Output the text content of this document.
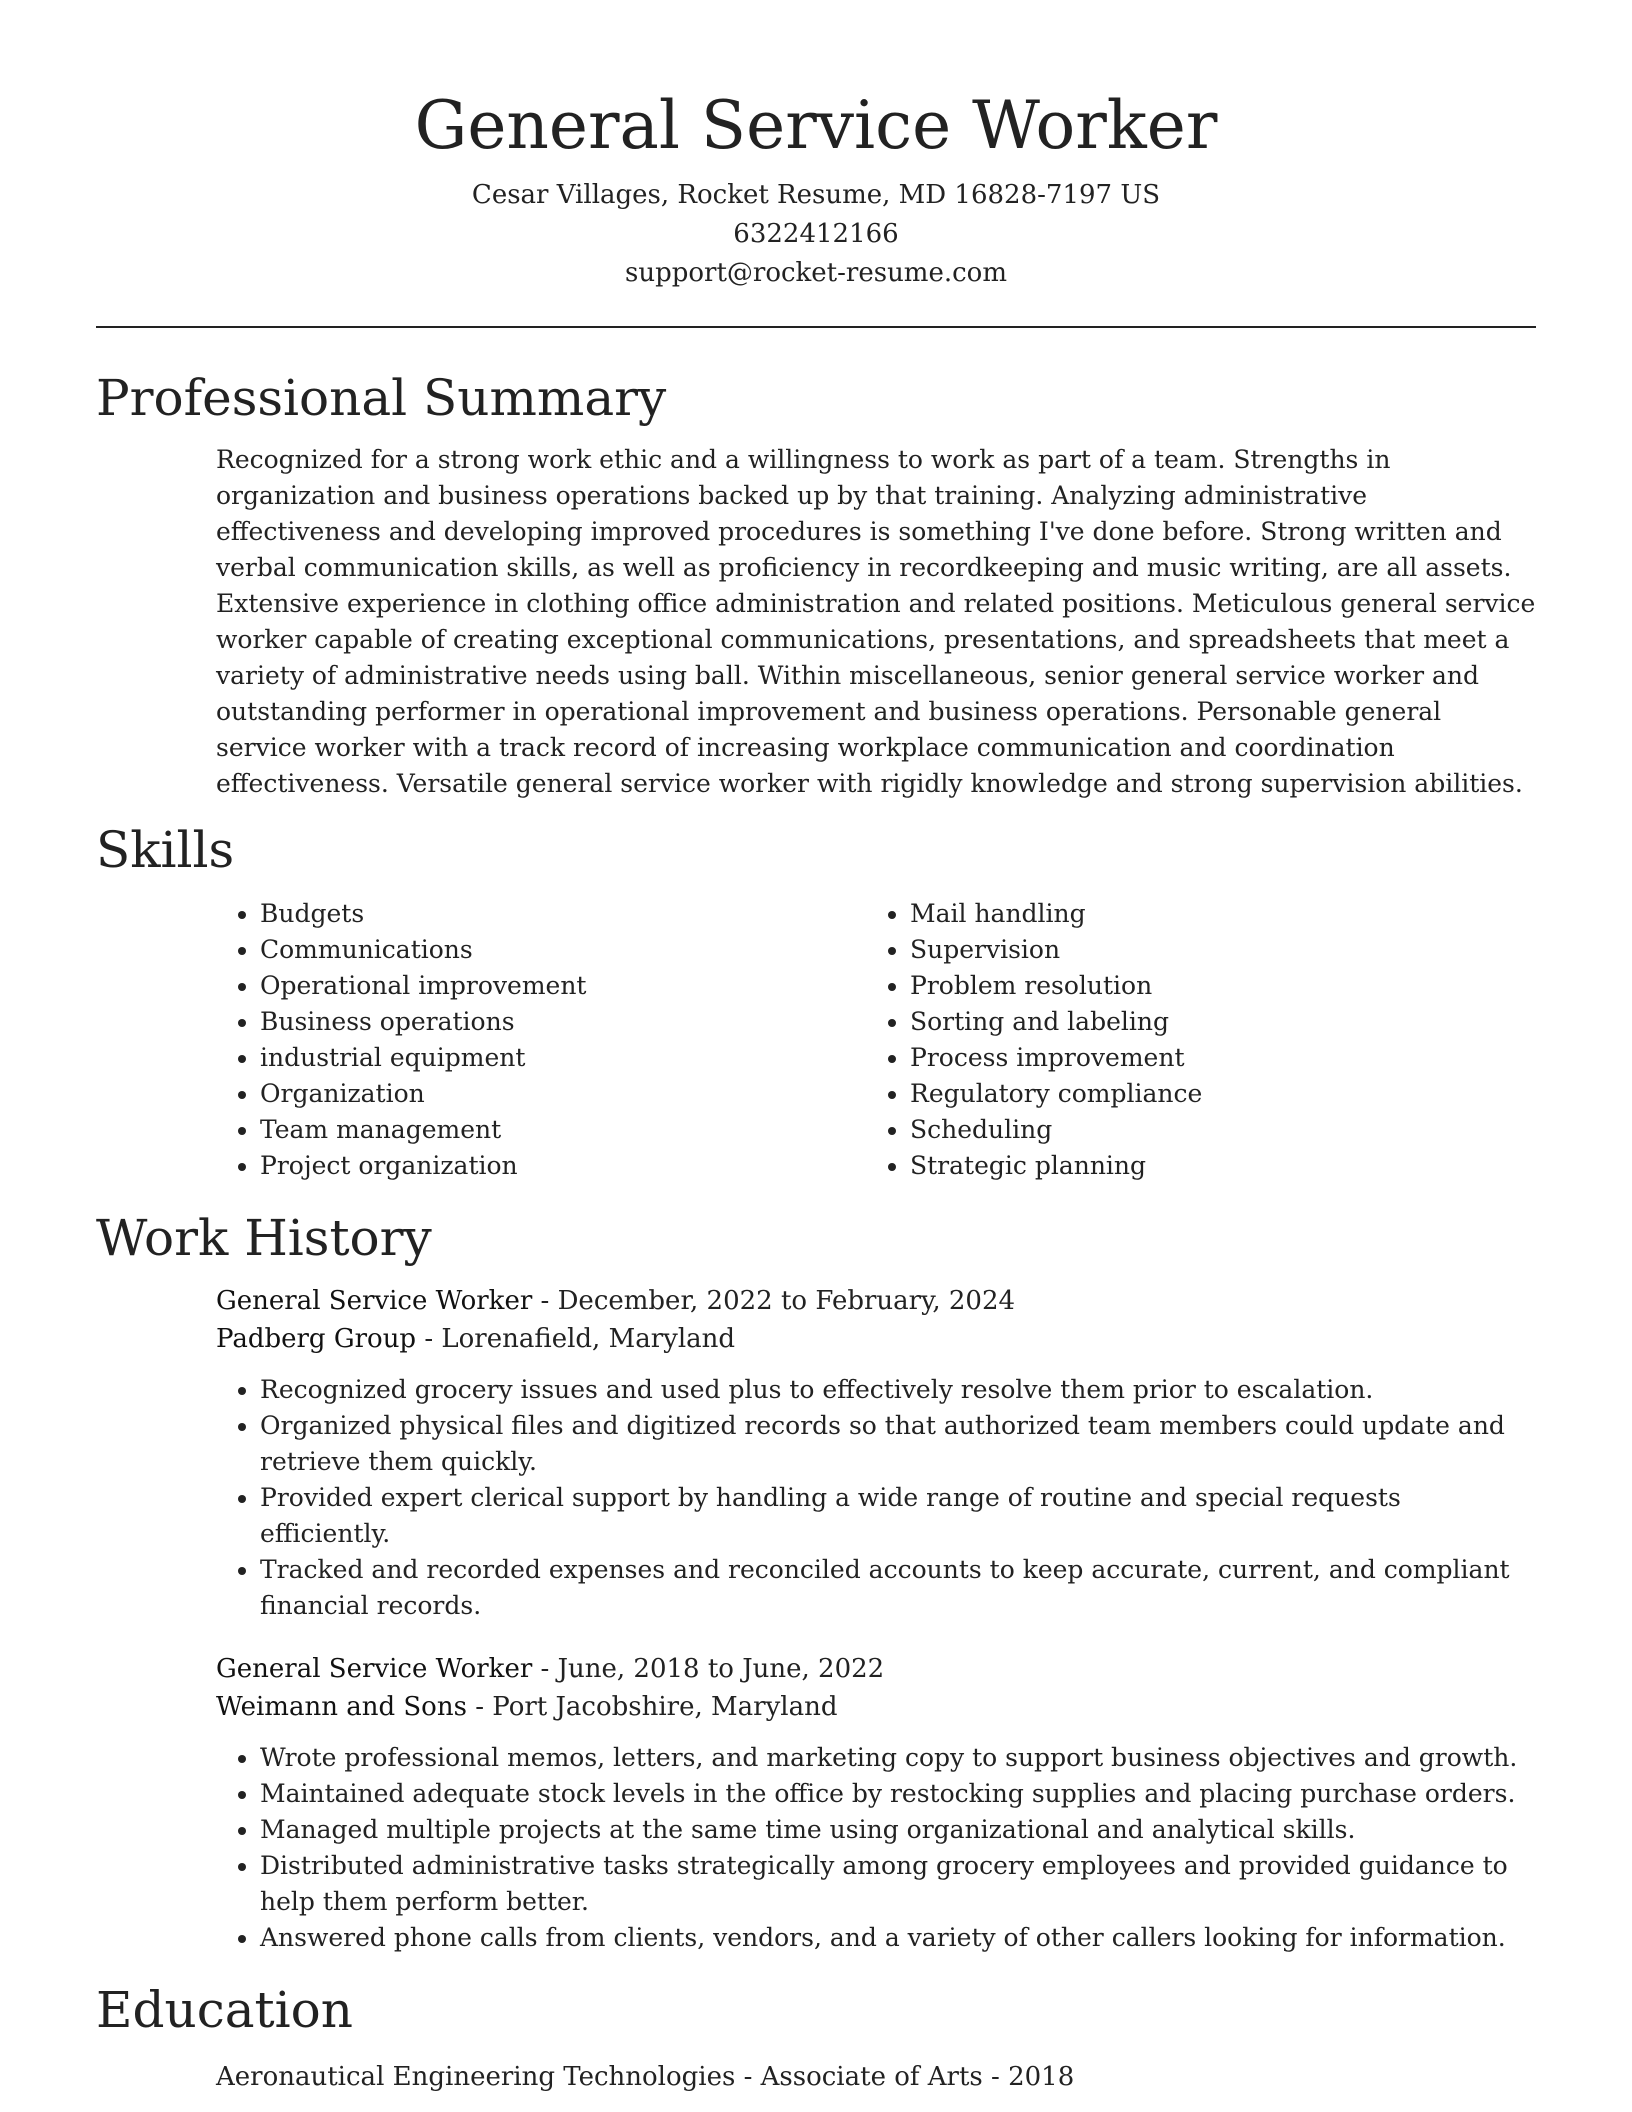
General Service Worker
Cesar Villages, Rocket Resume, MD 16828-7197 US
6322412166
support@rocket-resume.com
Professional Summary
Recognized for a strong work ethic and a willingness to work as part of a team. Strengths in organization and business operations backed up by that training. Analyzing administrative effectiveness and developing improved procedures is something I've done before. Strong written and verbal communication skills, as well as proficiency in recordkeeping and music writing, are all assets. Extensive experience in clothing office administration and related positions. Meticulous general service worker capable of creating exceptional communications, presentations, and spreadsheets that meet a variety of administrative needs using ball. Within miscellaneous, senior general service worker and outstanding performer in operational improvement and business operations. Personable general service worker with a track record of increasing workplace communication and coordination effectiveness. Versatile general service worker with rigidly knowledge and strong supervision abilities.
Skills
• Budgets
• Communications
• Operational improvement
• Business operations
• industrial equipment
• Organization
• Team management
• Project organization
• Mail handling
• Supervision
• Problem resolution
• Sorting and labeling
• Process improvement
• Regulatory compliance
• Scheduling
• Strategic planning
Work History
General Service Worker - December, 2022 to February, 2024
Padberg Group - Lorenafield, Maryland
• Recognized grocery issues and used plus to effectively resolve them prior to escalation.
• Organized physical files and digitized records so that authorized team members could update and retrieve them quickly.
• Provided expert clerical support by handling a wide range of routine and special requests efficiently.
• Tracked and recorded expenses and reconciled accounts to keep accurate, current, and compliant financial records.
General Service Worker - June, 2018 to June, 2022
Weimann and Sons - Port Jacobshire, Maryland
• Wrote professional memos, letters, and marketing copy to support business objectives and growth.
• Maintained adequate stock levels in the office by restocking supplies and placing purchase orders.
• Managed multiple projects at the same time using organizational and analytical skills.
• Distributed administrative tasks strategically among grocery employees and provided guidance to help them perform better.
• Answered phone calls from clients, vendors, and a variety of other callers looking for information.
Education
Aeronautical Engineering Technologies - Associate of Arts - 2018
